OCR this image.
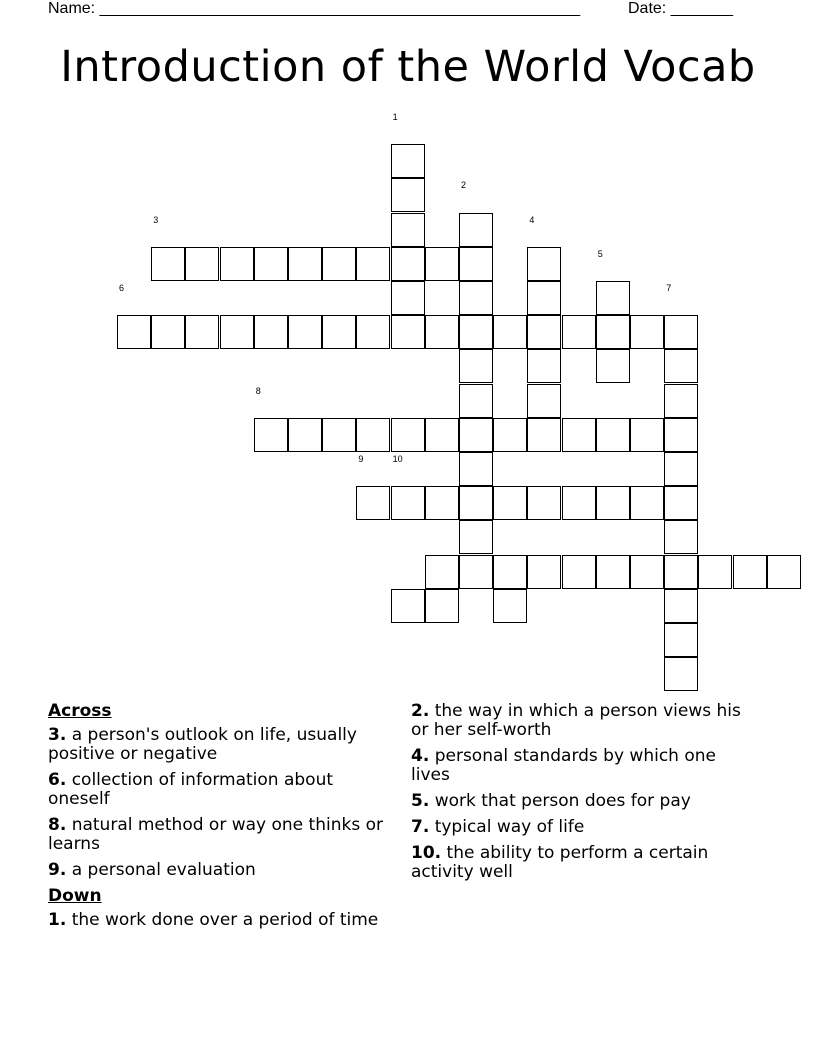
Name: ______________________________________________________	Date: _______
Introduction of the World Vocab
1
2
3	4
5
6	7
8
9	10
Across
3. a person's outlook on life, usually positive or negative
6. collection of information about oneself
8. natural method or way one thinks or learns
9. a personal evaluation
Down
1. the work done over a period of time
2. the way in which a person views his or her self-worth
4. personal standards by which one lives
5. work that person does for pay
7. typical way of life
10. the ability to perform a certain activity well
